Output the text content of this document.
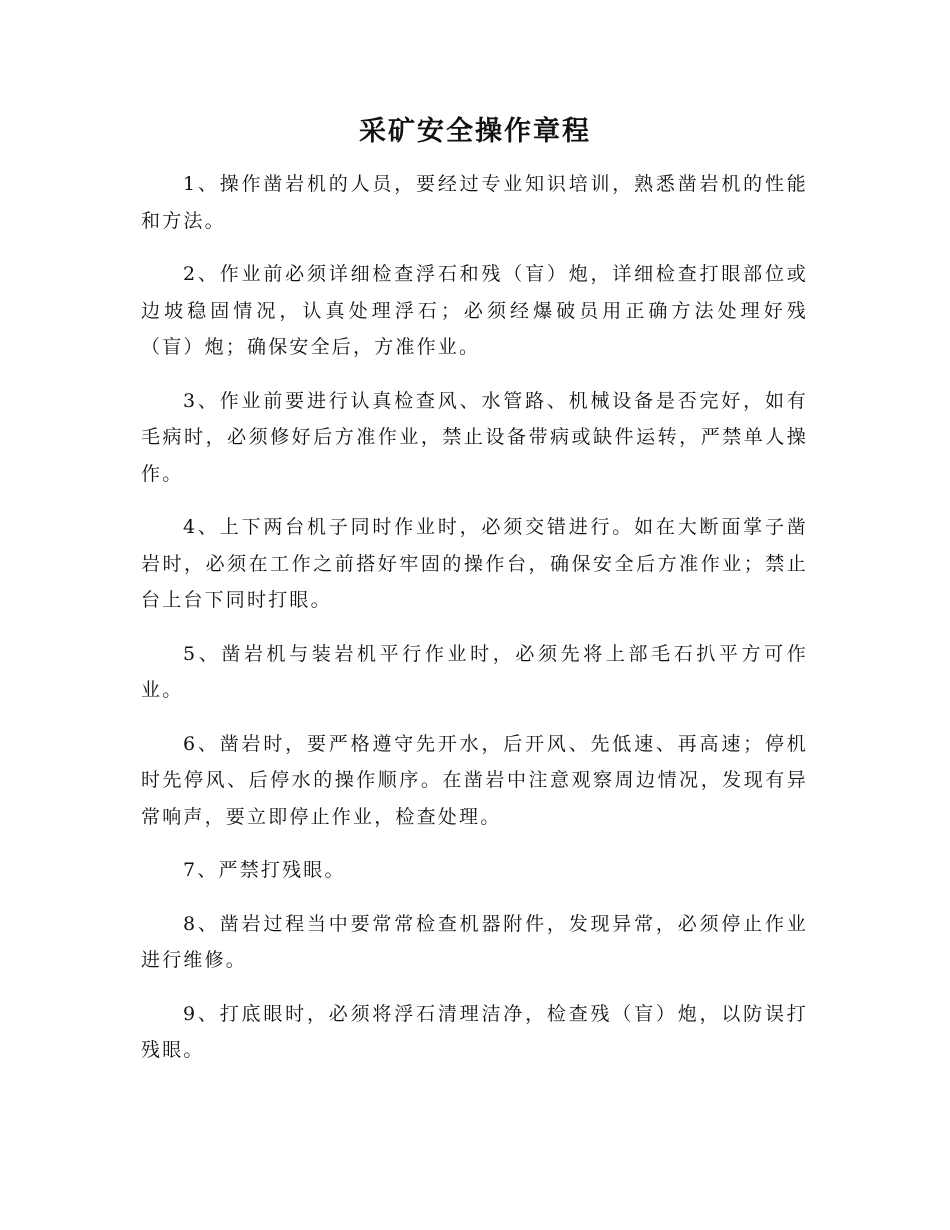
采矿安全操作章程

1、操作凿岩机的人员，要经过专业知识培训，熟悉凿岩机的性能和方法。

2、作业前必须详细检查浮石和残（盲）炮，详细检查打眼部位或边坡稳固情况，认真处理浮石；必须经爆破员用正确方法处理好残（盲）炮；确保安全后，方准作业。

3、作业前要进行认真检查风、水管路、机械设备是否完好，如有毛病时，必须修好后方准作业，禁止设备带病或缺件运转，严禁单人操作。

4、上下两台机子同时作业时，必须交错进行。如在大断面掌子凿岩时，必须在工作之前搭好牢固的操作台，确保安全后方准作业；禁止台上台下同时打眼。

5、凿岩机与装岩机平行作业时，必须先将上部毛石扒平方可作业。

6、凿岩时，要严格遵守先开水，后开风、先低速、再高速；停机时先停风、后停水的操作顺序。在凿岩中注意观察周边情况，发现有异常响声，要立即停止作业，检查处理。

7、严禁打残眼。

8、凿岩过程当中要常常检查机器附件，发现异常，必须停止作业进行维修。

9、打底眼时，必须将浮石清理洁净，检查残（盲）炮，以防误打残眼。
